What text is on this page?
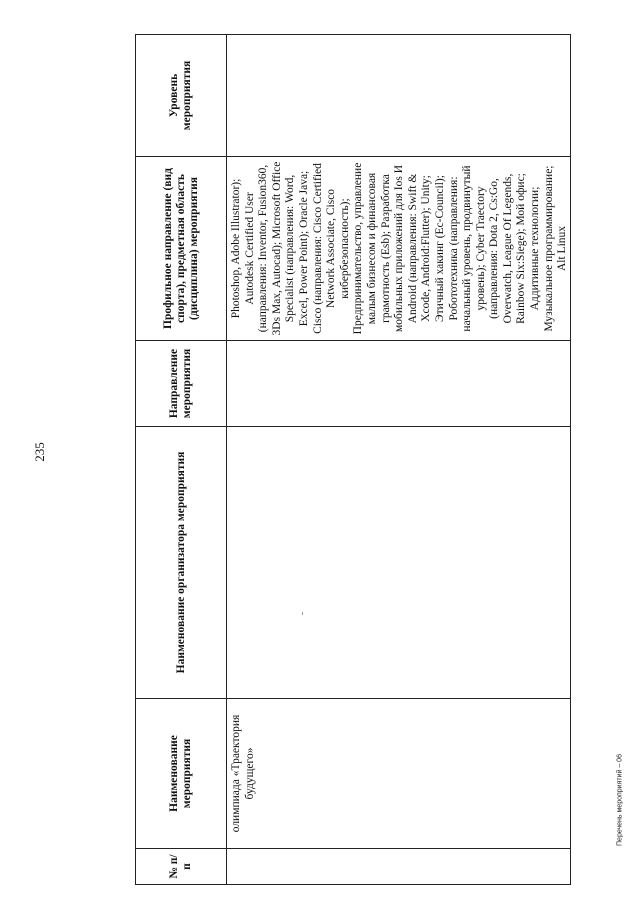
235
№ п/п	Наименование мероприятия	Наименование организатора мероприятия	Направление мероприятия	Профильное направление (вид спорта), предметная область (дисциплина) мероприятия	Уровень мероприятия
	олимпиада «Траектория будущего»			Photoshop, Adobe Illustrator); Autodesk Certified User (направления: Inventor, Fusion360, 3Ds Max, Autocad); Microsoft Office Specialist (направления: Word, Excel, Power Point); Oracle Java; Cisco (направления: Cisco Certified Network Associate, Cisco кибербезопасность); Предпринимательство, управление малым бизнесом и финансовая грамотность (Esb); Разработка мобильных приложений для Ios И Android (направления: Swift & Xcode, Android:Flutter); Unity; Этичный хакинг (Ec-Council); Робототехника (направления: начальный уровень, продвинутый уровень); Cyber Traectory (направления: Dota 2, Cs:Go, Overwatch, League Of Legends, Rainbow Six:Siege); Мой офис; Аддитивные технологии; Музыкальное программирование; Alt Linux	
Перечень мероприятий – 06
